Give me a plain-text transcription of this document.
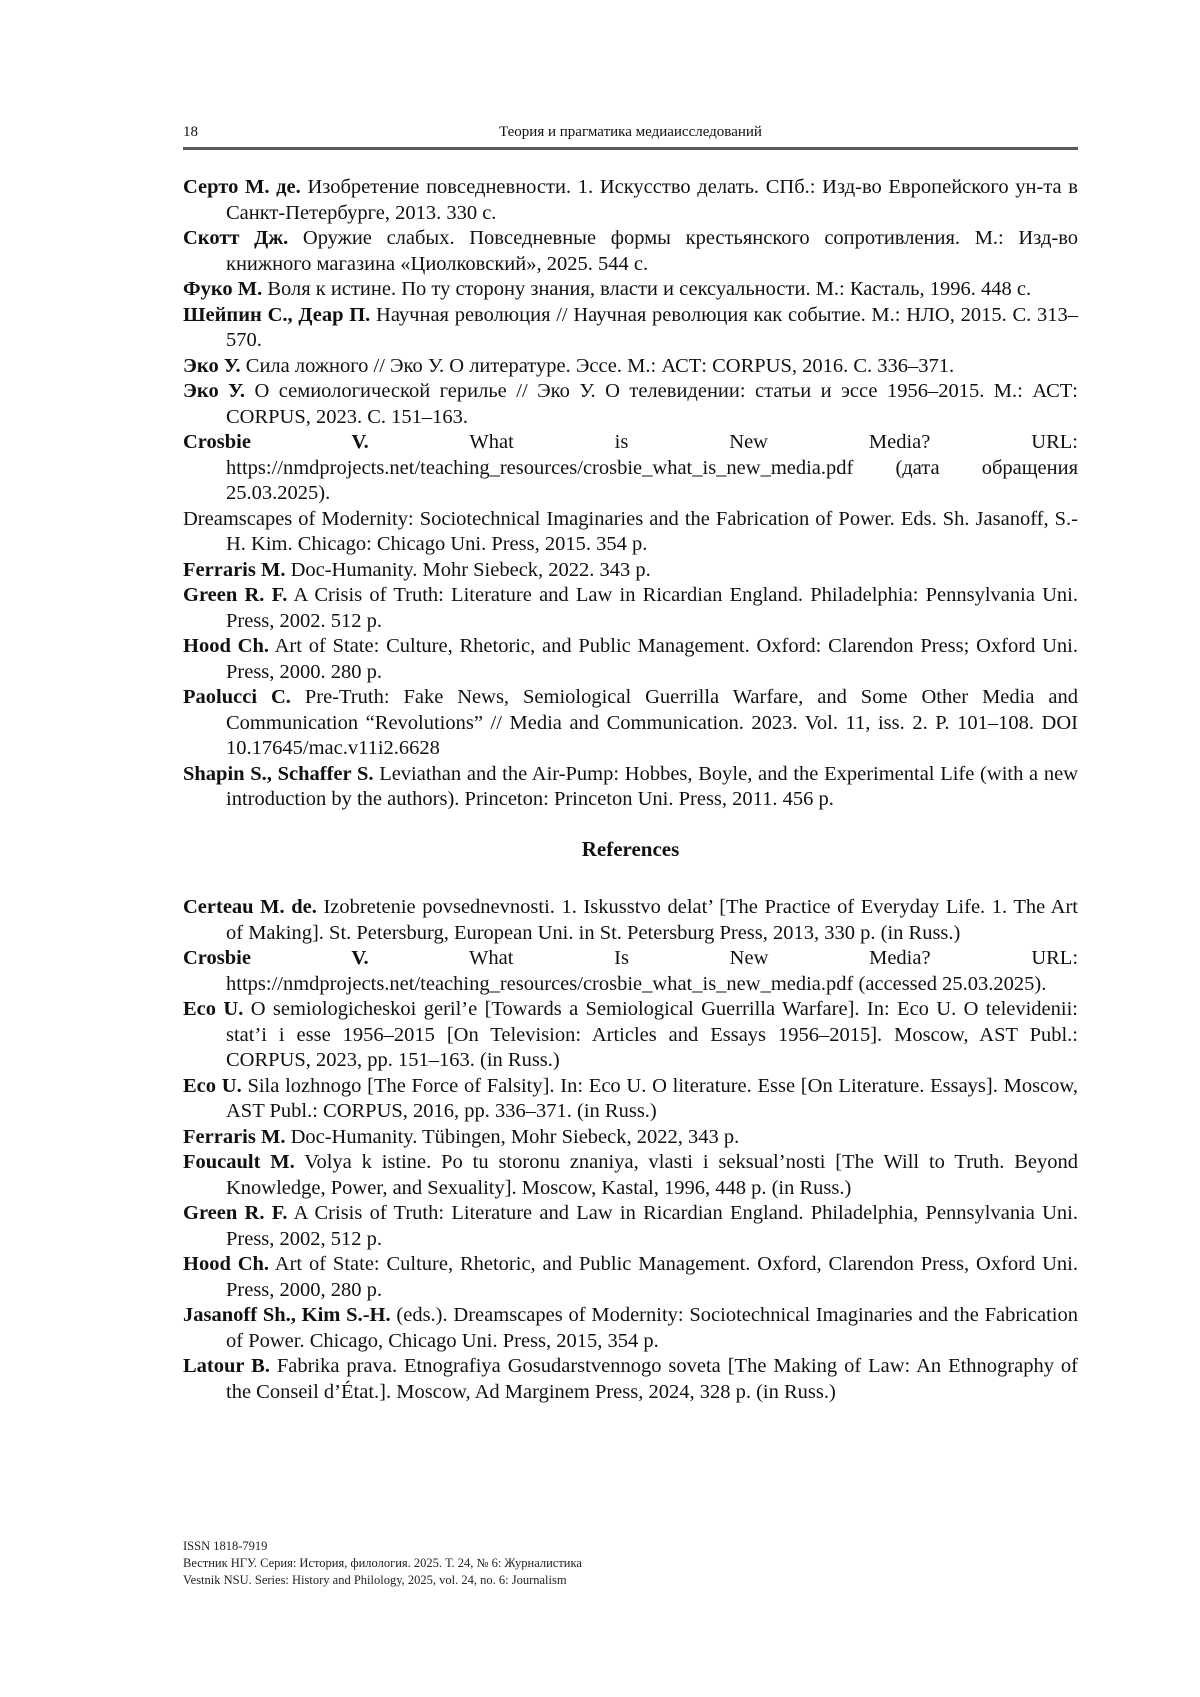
18	Теория и прагматика медиаисследований
Серто М. де. Изобретение повседневности. 1. Искусство делать. СПб.: Изд-во Европейского ун-та в Санкт-Петербурге, 2013. 330 с.
Скотт Дж. Оружие слабых. Повседневные формы крестьянского сопротивления. М.: Изд-во книжного магазина «Циолковский», 2025. 544 с.
Фуко М. Воля к истине. По ту сторону знания, власти и сексуальности. М.: Касталь, 1996. 448 с.
Шейпин С., Деар П. Научная революция // Научная революция как событие. М.: НЛО, 2015. С. 313–570.
Эко У. Сила ложного // Эко У. О литературе. Эссе. М.: АСТ: CORPUS, 2016. С. 336–371.
Эко У. О семиологической герилье // Эко У. О телевидении: статьи и эссе 1956–2015. М.: АСТ: CORPUS, 2023. С. 151–163.
Crosbie V. What is New Media? URL: https://nmdprojects.net/teaching_resources/crosbie_what_is_new_media.pdf (дата обращения 25.03.2025).
Dreamscapes of Modernity: Sociotechnical Imaginaries and the Fabrication of Power. Eds. Sh. Jasanoff, S.-H. Kim. Chicago: Chicago Uni. Press, 2015. 354 p.
Ferraris M. Doc-Humanity. Mohr Siebeck, 2022. 343 p.
Green R. F. A Crisis of Truth: Literature and Law in Ricardian England. Philadelphia: Pennsylvania Uni. Press, 2002. 512 p.
Hood Ch. Art of State: Culture, Rhetoric, and Public Management. Oxford: Clarendon Press; Oxford Uni. Press, 2000. 280 p.
Paolucci C. Pre-Truth: Fake News, Semiological Guerrilla Warfare, and Some Other Media and Communication “Revolutions” // Media and Communication. 2023. Vol. 11, iss. 2. P. 101–108. DOI 10.17645/mac.v11i2.6628
Shapin S., Schaffer S. Leviathan and the Air-Pump: Hobbes, Boyle, and the Experimental Life (with a new introduction by the authors). Princeton: Princeton Uni. Press, 2011. 456 p.
References
Certeau M. de. Izobretenie povsednevnosti. 1. Iskusstvo delat’ [The Practice of Everyday Life. 1. The Art of Making]. St. Petersburg, European Uni. in St. Petersburg Press, 2013, 330 p. (in Russ.)
Crosbie V. What Is New Media? URL: https://nmdprojects.net/teaching_resources/crosbie_what_is_new_media.pdf (accessed 25.03.2025).
Eco U. O semiologicheskoi geril’e [Towards a Semiological Guerrilla Warfare]. In: Eco U. O televidenii: stat’i i esse 1956–2015 [On Television: Articles and Essays 1956–2015]. Moscow, AST Publ.: CORPUS, 2023, pp. 151–163. (in Russ.)
Eco U. Sila lozhnogo [The Force of Falsity]. In: Eco U. O literature. Esse [On Literature. Essays]. Moscow, AST Publ.: CORPUS, 2016, pp. 336–371. (in Russ.)
Ferraris M. Doc-Humanity. Tübingen, Mohr Siebeck, 2022, 343 p.
Foucault M. Volya k istine. Po tu storonu znaniya, vlasti i seksual’nosti [The Will to Truth. Beyond Knowledge, Power, and Sexuality]. Moscow, Kastal, 1996, 448 p. (in Russ.)
Green R. F. A Crisis of Truth: Literature and Law in Ricardian England. Philadelphia, Pennsylvania Uni. Press, 2002, 512 p.
Hood Ch. Art of State: Culture, Rhetoric, and Public Management. Oxford, Clarendon Press, Oxford Uni. Press, 2000, 280 p.
Jasanoff Sh., Kim S.-H. (eds.). Dreamscapes of Modernity: Sociotechnical Imaginaries and the Fabrication of Power. Chicago, Chicago Uni. Press, 2015, 354 p.
Latour B. Fabrika prava. Etnografiya Gosudarstvennogo soveta [The Making of Law: An Ethnography of the Conseil d’État.]. Moscow, Ad Marginem Press, 2024, 328 p. (in Russ.)
ISSN 1818-7919
Вестник НГУ. Серия: История, филология. 2025. Т. 24, № 6: Журналистика
Vestnik NSU. Series: History and Philology, 2025, vol. 24, no. 6: Journalism
